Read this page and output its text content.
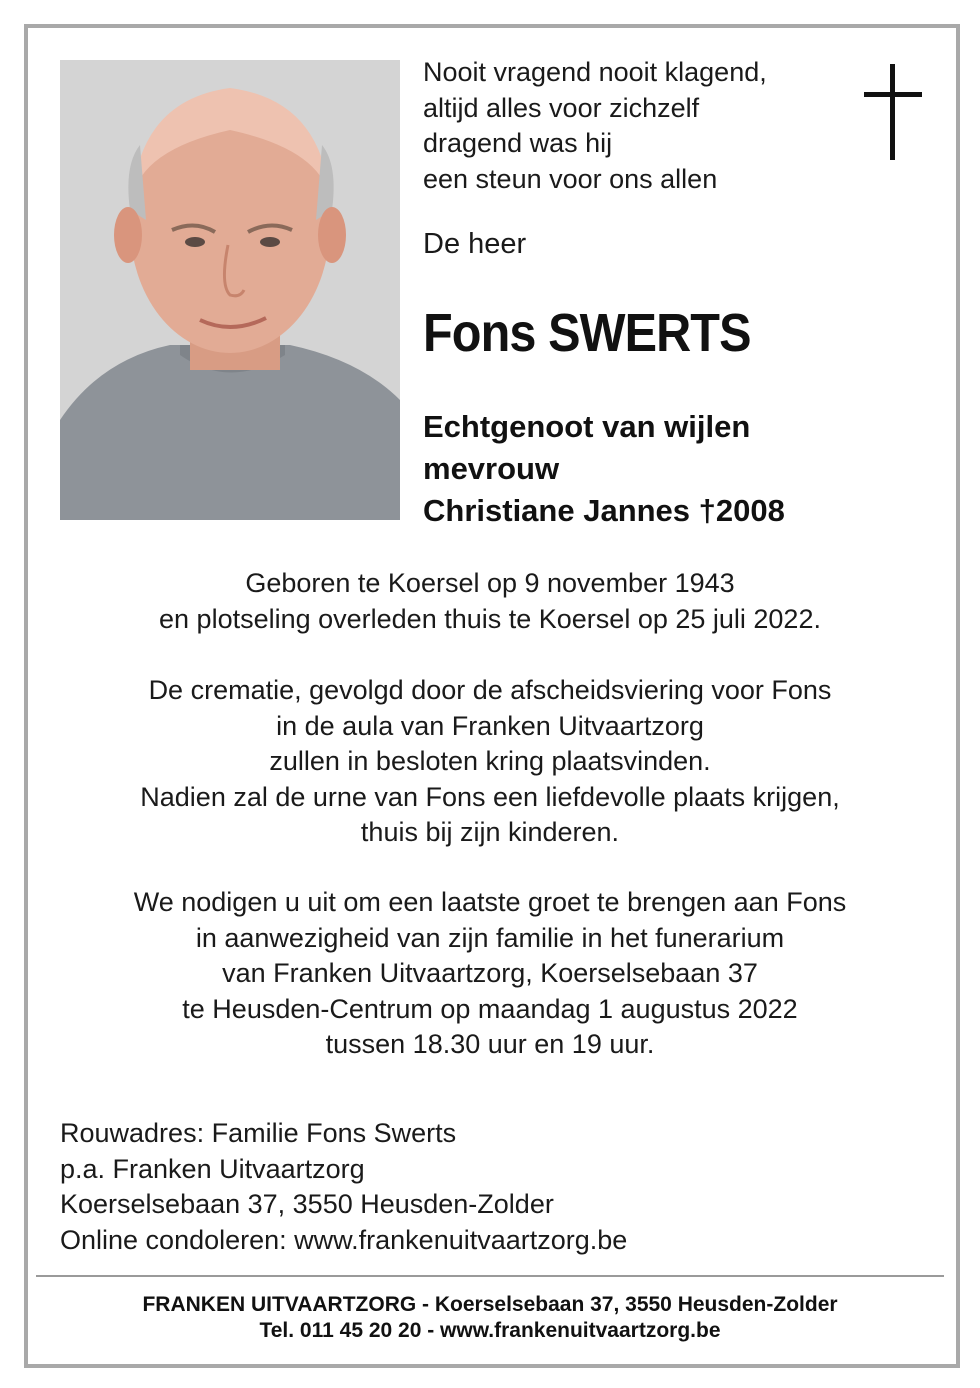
Nooit vragend nooit klagend,
altijd alles voor zichzelf
dragend was hij
een steun voor ons allen
De heer
Fons SWERTS
Echtgenoot van wijlen
mevrouw
Christiane Jannes †2008
Geboren te Koersel op 9 november 1943
en plotseling overleden thuis te Koersel op 25 juli 2022.
De crematie, gevolgd door de afscheidsviering voor Fons
in de aula van Franken Uitvaartzorg
zullen in besloten kring plaatsvinden.
Nadien zal de urne van Fons een liefdevolle plaats krijgen,
thuis bij zijn kinderen.
We nodigen u uit om een laatste groet te brengen aan Fons
in aanwezigheid van zijn familie in het funerarium
van Franken Uitvaartzorg, Koerselsebaan 37
te Heusden-Centrum op maandag 1 augustus 2022
tussen 18.30 uur en 19 uur.
Rouwadres: Familie Fons Swerts
p.a. Franken Uitvaartzorg
Koerselsebaan 37, 3550 Heusden-Zolder
Online condoleren: www.frankenuitvaartzorg.be
FRANKEN UITVAARTZORG - Koerselsebaan 37, 3550 Heusden-Zolder
Tel. 011 45 20 20 - www.frankenuitvaartzorg.be
